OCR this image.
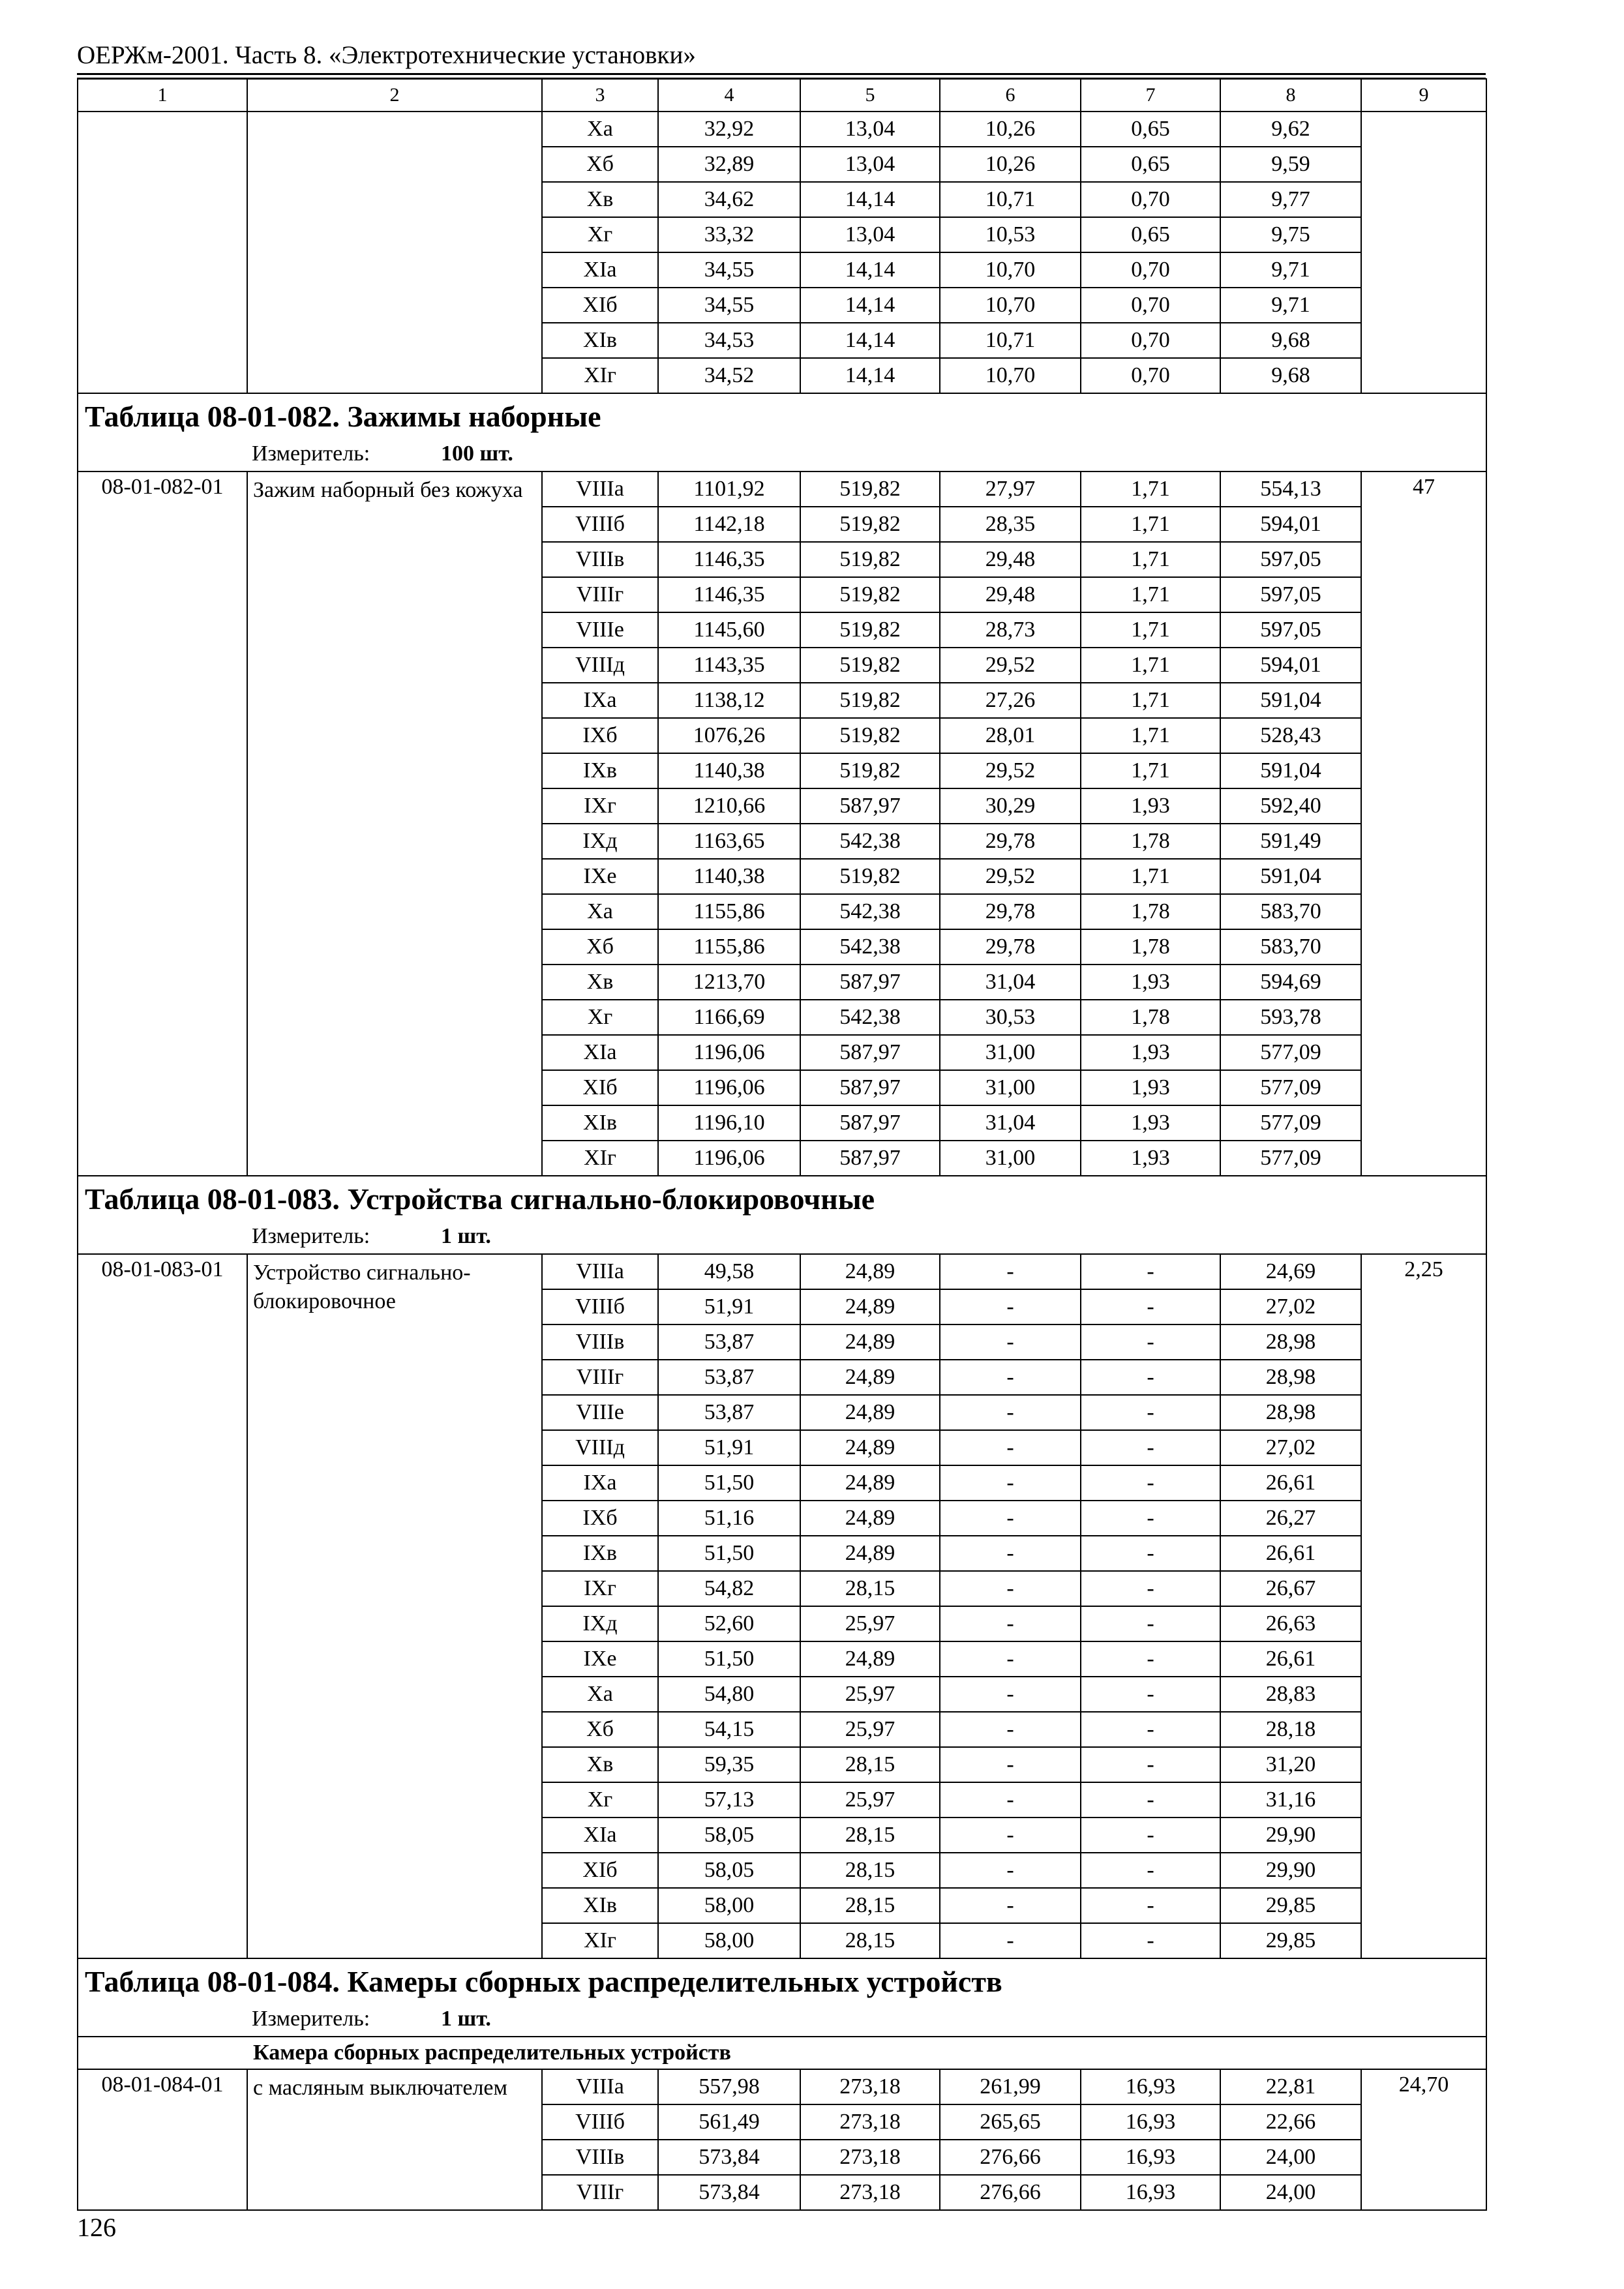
ОЕРЖм-2001. Часть 8. «Электротехнические установки»
1	2	3	4	5	6	7	8	9
		Xа	32,92	13,04	10,26	0,65	9,62	
		Xб	32,89	13,04	10,26	0,65	9,59	
		Xв	34,62	14,14	10,71	0,70	9,77	
		Xг	33,32	13,04	10,53	0,65	9,75	
		XIа	34,55	14,14	10,70	0,70	9,71	
		XIб	34,55	14,14	10,70	0,70	9,71	
		XIв	34,53	14,14	10,71	0,70	9,68	
		XIг	34,52	14,14	10,70	0,70	9,68	

Таблица 08-01-082. Зажимы наборные
Измеритель: 100 шт.								

08-01-082-01	Зажим наборный без кожуха	VIIIа	1101,92	519,82	27,97	1,71	554,13	47
		VIIIб	1142,18	519,82	28,35	1,71	594,01	
		VIIIв	1146,35	519,82	29,48	1,71	597,05	
		VIIIг	1146,35	519,82	29,48	1,71	597,05	
		VIIIе	1145,60	519,82	28,73	1,71	597,05	
		VIIIд	1143,35	519,82	29,52	1,71	594,01	
		IXа	1138,12	519,82	27,26	1,71	591,04	
		IXб	1076,26	519,82	28,01	1,71	528,43	
		IXв	1140,38	519,82	29,52	1,71	591,04	
		IXг	1210,66	587,97	30,29	1,93	592,40	
		IXд	1163,65	542,38	29,78	1,78	591,49	
		IXе	1140,38	519,82	29,52	1,71	591,04	
		Xа	1155,86	542,38	29,78	1,78	583,70	
		Xб	1155,86	542,38	29,78	1,78	583,70	
		Xв	1213,70	587,97	31,04	1,93	594,69	
		Xг	1166,69	542,38	30,53	1,78	593,78	
		XIа	1196,06	587,97	31,00	1,93	577,09	
		XIб	1196,06	587,97	31,00	1,93	577,09	
		XIв	1196,10	587,97	31,04	1,93	577,09	
		XIг	1196,06	587,97	31,00	1,93	577,09	

Таблица 08-01-083. Устройства сигнально-блокировочные
Измеритель: 1 шт.								

08-01-083-01	Устройство сигнально-блокировочное	VIIIа	49,58	24,89	-	-	24,69	2,25
		VIIIб	51,91	24,89	-	-	27,02	
		VIIIв	53,87	24,89	-	-	28,98	
		VIIIг	53,87	24,89	-	-	28,98	
		VIIIе	53,87	24,89	-	-	28,98	
		VIIIд	51,91	24,89	-	-	27,02	
		IXа	51,50	24,89	-	-	26,61	
		IXб	51,16	24,89	-	-	26,27	
		IXв	51,50	24,89	-	-	26,61	
		IXг	54,82	28,15	-	-	26,67	
		IXд	52,60	25,97	-	-	26,63	
		IXе	51,50	24,89	-	-	26,61	
		Xа	54,80	25,97	-	-	28,83	
		Xб	54,15	25,97	-	-	28,18	
		Xв	59,35	28,15	-	-	31,20	
		Xг	57,13	25,97	-	-	31,16	
		XIа	58,05	28,15	-	-	29,90	
		XIб	58,05	28,15	-	-	29,90	
		XIв	58,00	28,15	-	-	29,85	
		XIг	58,00	28,15	-	-	29,85	

Таблица 08-01-084. Камеры сборных распределительных устройств
Измеритель: 1 шт.								

Камера сборных распределительных устройств								
08-01-084-01	с масляным выключателем	VIIIа	557,98	273,18	261,99	16,93	22,81	24,70
		VIIIб	561,49	273,18	265,65	16,93	22,66	
		VIIIв	573,84	273,18	276,66	16,93	24,00	
		VIIIг	573,84	273,18	276,66	16,93	24,00	
126
